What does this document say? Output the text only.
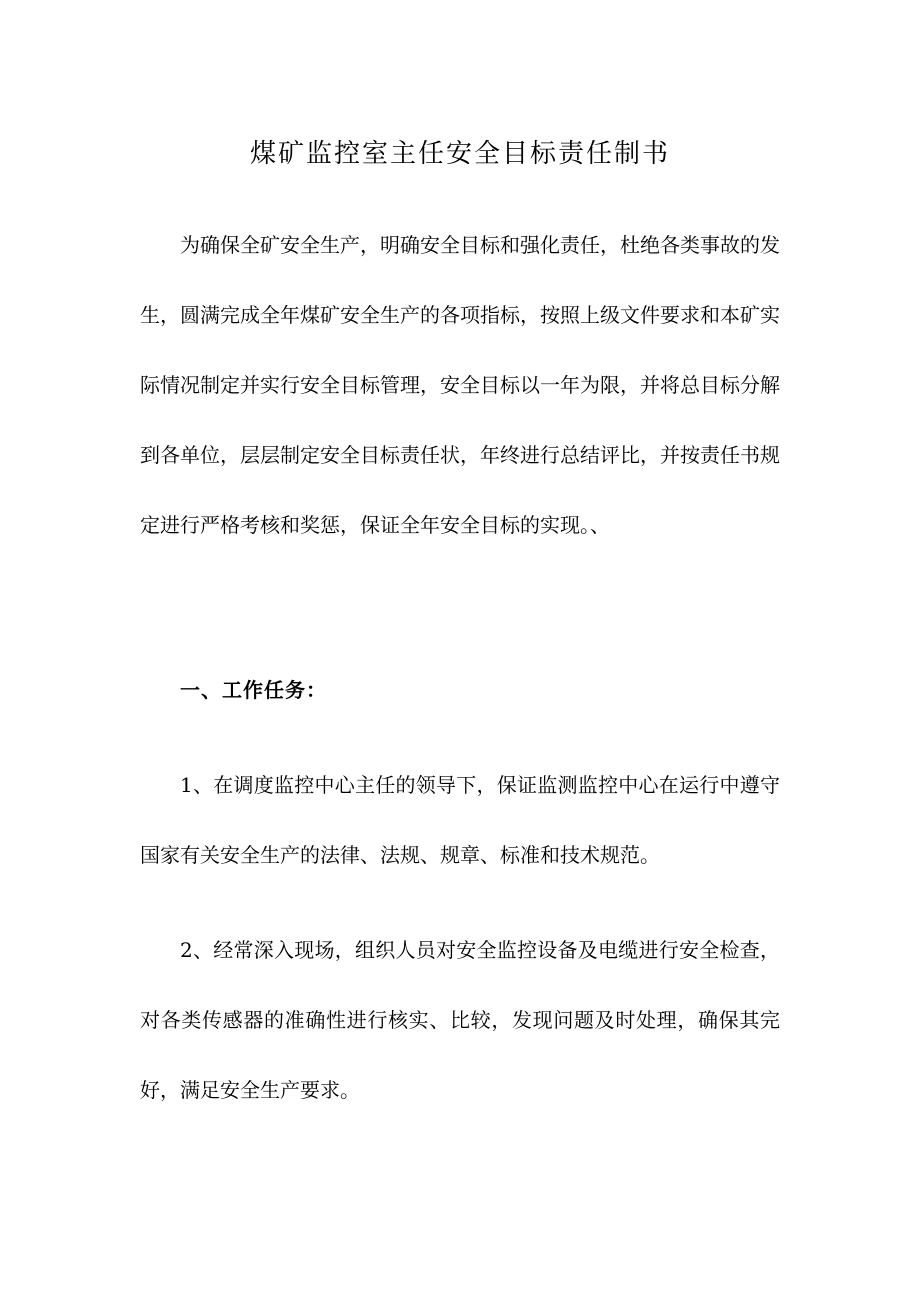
煤矿监控室主任安全目标责任制书

为确保全矿安全生产，明确安全目标和强化责任，杜绝各类事故的发生，圆满完成全年煤矿安全生产的各项指标，按照上级文件要求和本矿实际情况制定并实行安全目标管理，安全目标以一年为限，并将总目标分解到各单位，层层制定安全目标责任状，年终进行总结评比，并按责任书规定进行严格考核和奖惩，保证全年安全目标的实现。、

一、工作任务：

1、在调度监控中心主任的领导下，保证监测监控中心在运行中遵守国家有关安全生产的法律、法规、规章、标准和技术规范。

2、经常深入现场，组织人员对安全监控设备及电缆进行安全检查，对各类传感器的准确性进行核实、比较，发现问题及时处理，确保其完好，满足安全生产要求。
